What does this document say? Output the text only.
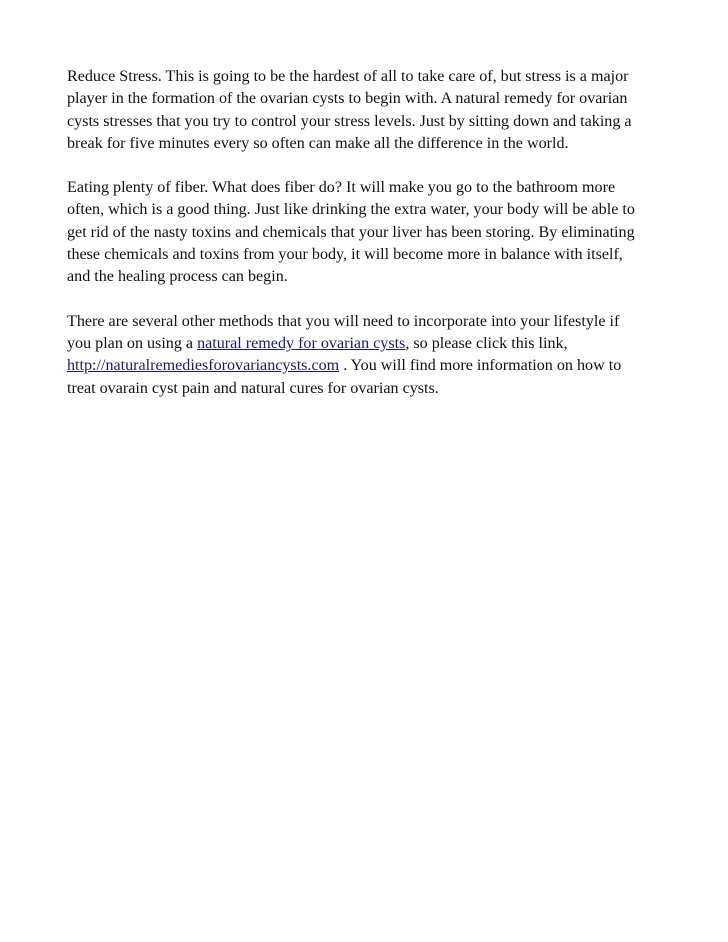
Reduce Stress. This is going to be the hardest of all to take care of, but stress is a major
player in the formation of the ovarian cysts to begin with. A natural remedy for ovarian
cysts stresses that you try to control your stress levels. Just by sitting down and taking a
break for five minutes every so often can make all the difference in the world.

Eating plenty of fiber. What does fiber do? It will make you go to the bathroom more
often, which is a good thing. Just like drinking the extra water, your body will be able to
get rid of the nasty toxins and chemicals that your liver has been storing. By eliminating
these chemicals and toxins from your body, it will become more in balance with itself,
and the healing process can begin.

There are several other methods that you will need to incorporate into your lifestyle if
you plan on using a natural remedy for ovarian cysts, so please click this link,
http://naturalremediesforovariancysts.com . You will find more information on how to
treat ovarain cyst pain and natural cures for ovarian cysts.
